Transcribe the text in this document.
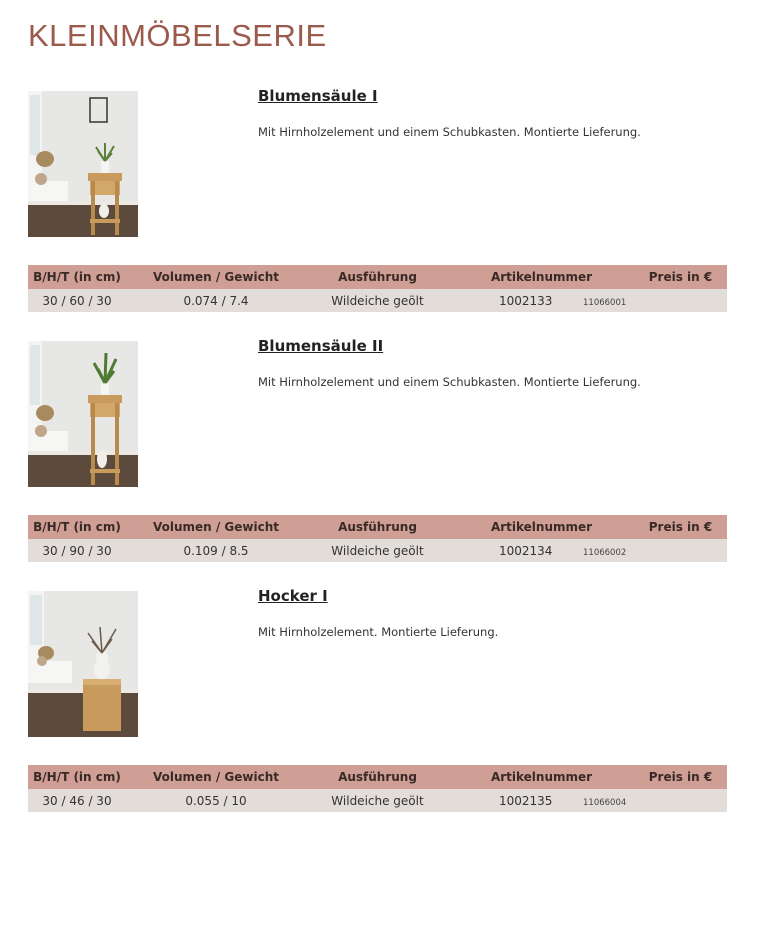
KLEINMÖBELSERIE
Blumensäule I
Mit Hirnholzelement und einem Schubkasten. Montierte Lieferung.
B/H/T (in cm)	Volumen / Gewicht	Ausführung	Artikelnummer	Preis in €
30 / 60 / 30	0.074 / 7.4	Wildeiche geölt	1002133 11066001	
Blumensäule II
Mit Hirnholzelement und einem Schubkasten. Montierte Lieferung.
B/H/T (in cm)	Volumen / Gewicht	Ausführung	Artikelnummer	Preis in €
30 / 90 / 30	0.109 / 8.5	Wildeiche geölt	1002134 11066002	
Hocker I
Mit Hirnholzelement. Montierte Lieferung.
B/H/T (in cm)	Volumen / Gewicht	Ausführung	Artikelnummer	Preis in €
30 / 46 / 30	0.055 / 10	Wildeiche geölt	1002135 11066004	
